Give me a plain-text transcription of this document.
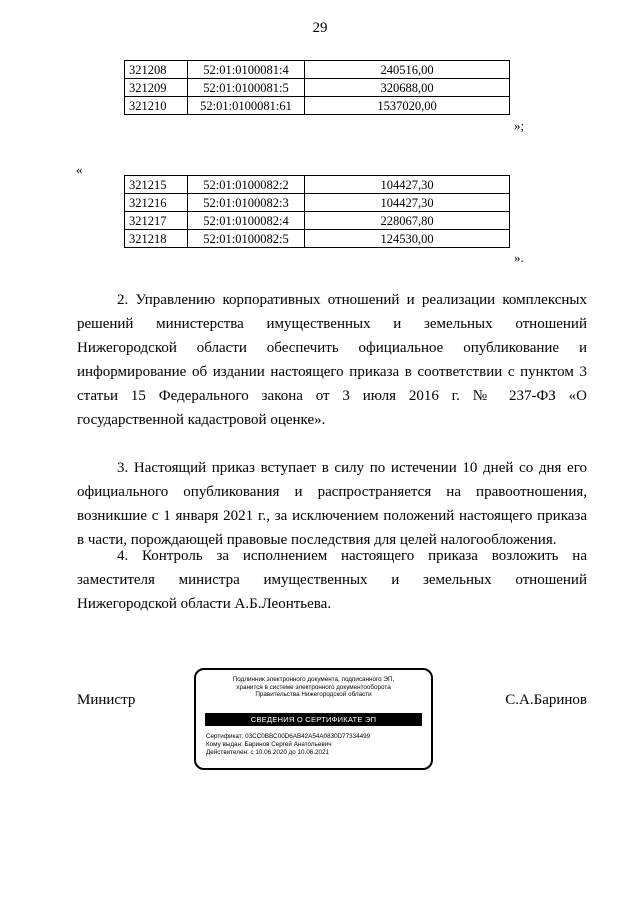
29
321208	52:01:0100081:4	240516,00
321209	52:01:0100081:5	320688,00
321210	52:01:0100081:61	1537020,00
»;
«
321215	52:01:0100082:2	104427,30
321216	52:01:0100082:3	104427,30
321217	52:01:0100082:4	228067,80
321218	52:01:0100082:5	124530,00
».

2. Управлению корпоративных отношений и реализации комплексных решений министерства имущественных и земельных отношений Нижегородской области обеспечить официальное опубликование и информирование об издании настоящего приказа в соответствии с пунктом 3 статьи 15 Федерального закона от 3 июля 2016 г. № 237-ФЗ «О государственной кадастровой оценке».

3. Настоящий приказ вступает в силу по истечении 10 дней со дня его официального опубликования и распространяется на правоотношения, возникшие с 1 января 2021 г., за исключением положений настоящего приказа в части, порождающей правовые последствия для целей налогообложения.

4. Контроль за исполнением настоящего приказа возложить на заместителя министра имущественных и земельных отношений Нижегородской области А.Б.Леонтьева.

Министр
Подлинник электронного документа, подписанного ЭП,
хранится в системе электронного документооборота
Правительства Нижегородской области
СВЕДЕНИЯ О СЕРТИФИКАТЕ ЭП
Сертификат: 03CC0BBC00D6AB42A54A0830D77334499
Кому выдан: Баринов Сергей Анатольевич
Действителен: с 10.06.2020 до 10.06.2021
С.А.Баринов
